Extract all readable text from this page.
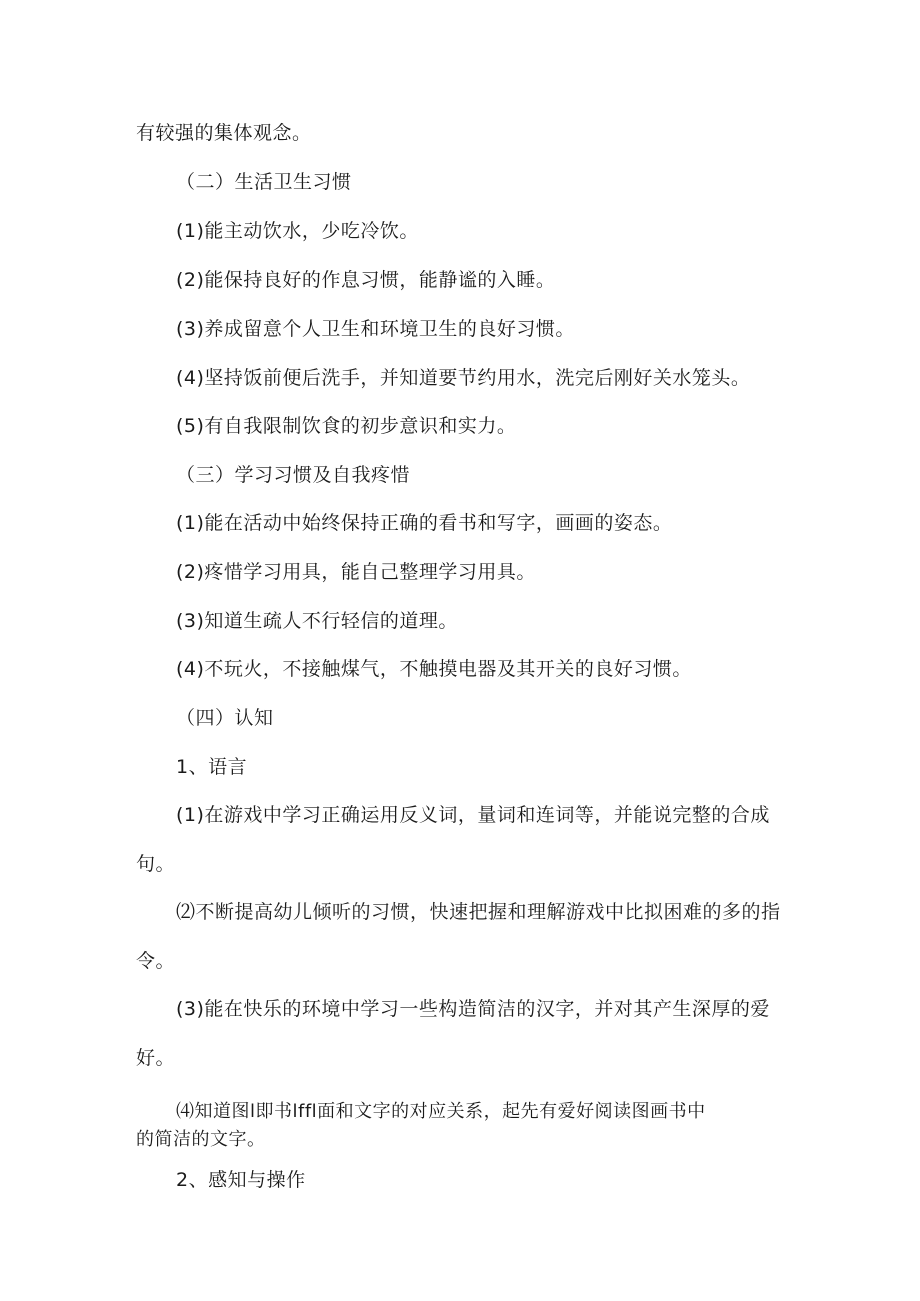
有较强的集体观念。
（二）生活卫生习惯
(1)能主动饮水，少吃冷饮。
(2)能保持良好的作息习惯，能静谧的入睡。
(3)养成留意个人卫生和环境卫生的良好习惯。
(4)坚持饭前便后洗手，并知道要节约用水，洗完后刚好关水笼头。
(5)有自我限制饮食的初步意识和实力。
（三）学习习惯及自我疼惜
(1)能在活动中始终保持正确的看书和写字，画画的姿态。
(2)疼惜学习用具，能自己整理学习用具。
(3)知道生疏人不行轻信的道理。
(4)不玩火，不接触煤气，不触摸电器及其开关的良好习惯。
（四）认知
1、语言
(1)在游戏中学习正确运用反义词，量词和连词等，并能说完整的合成
句。
⑵不断提高幼儿倾听的习惯，快速把握和理解游戏中比拟困难的多的指
令。
(3)能在快乐的环境中学习一些构造简洁的汉字，并对其产生深厚的爱
好。
⑷知道图l即书lffl面和文字的对应关系，起先有爱好阅读图画书中
的简洁的文字。
2、感知与操作
